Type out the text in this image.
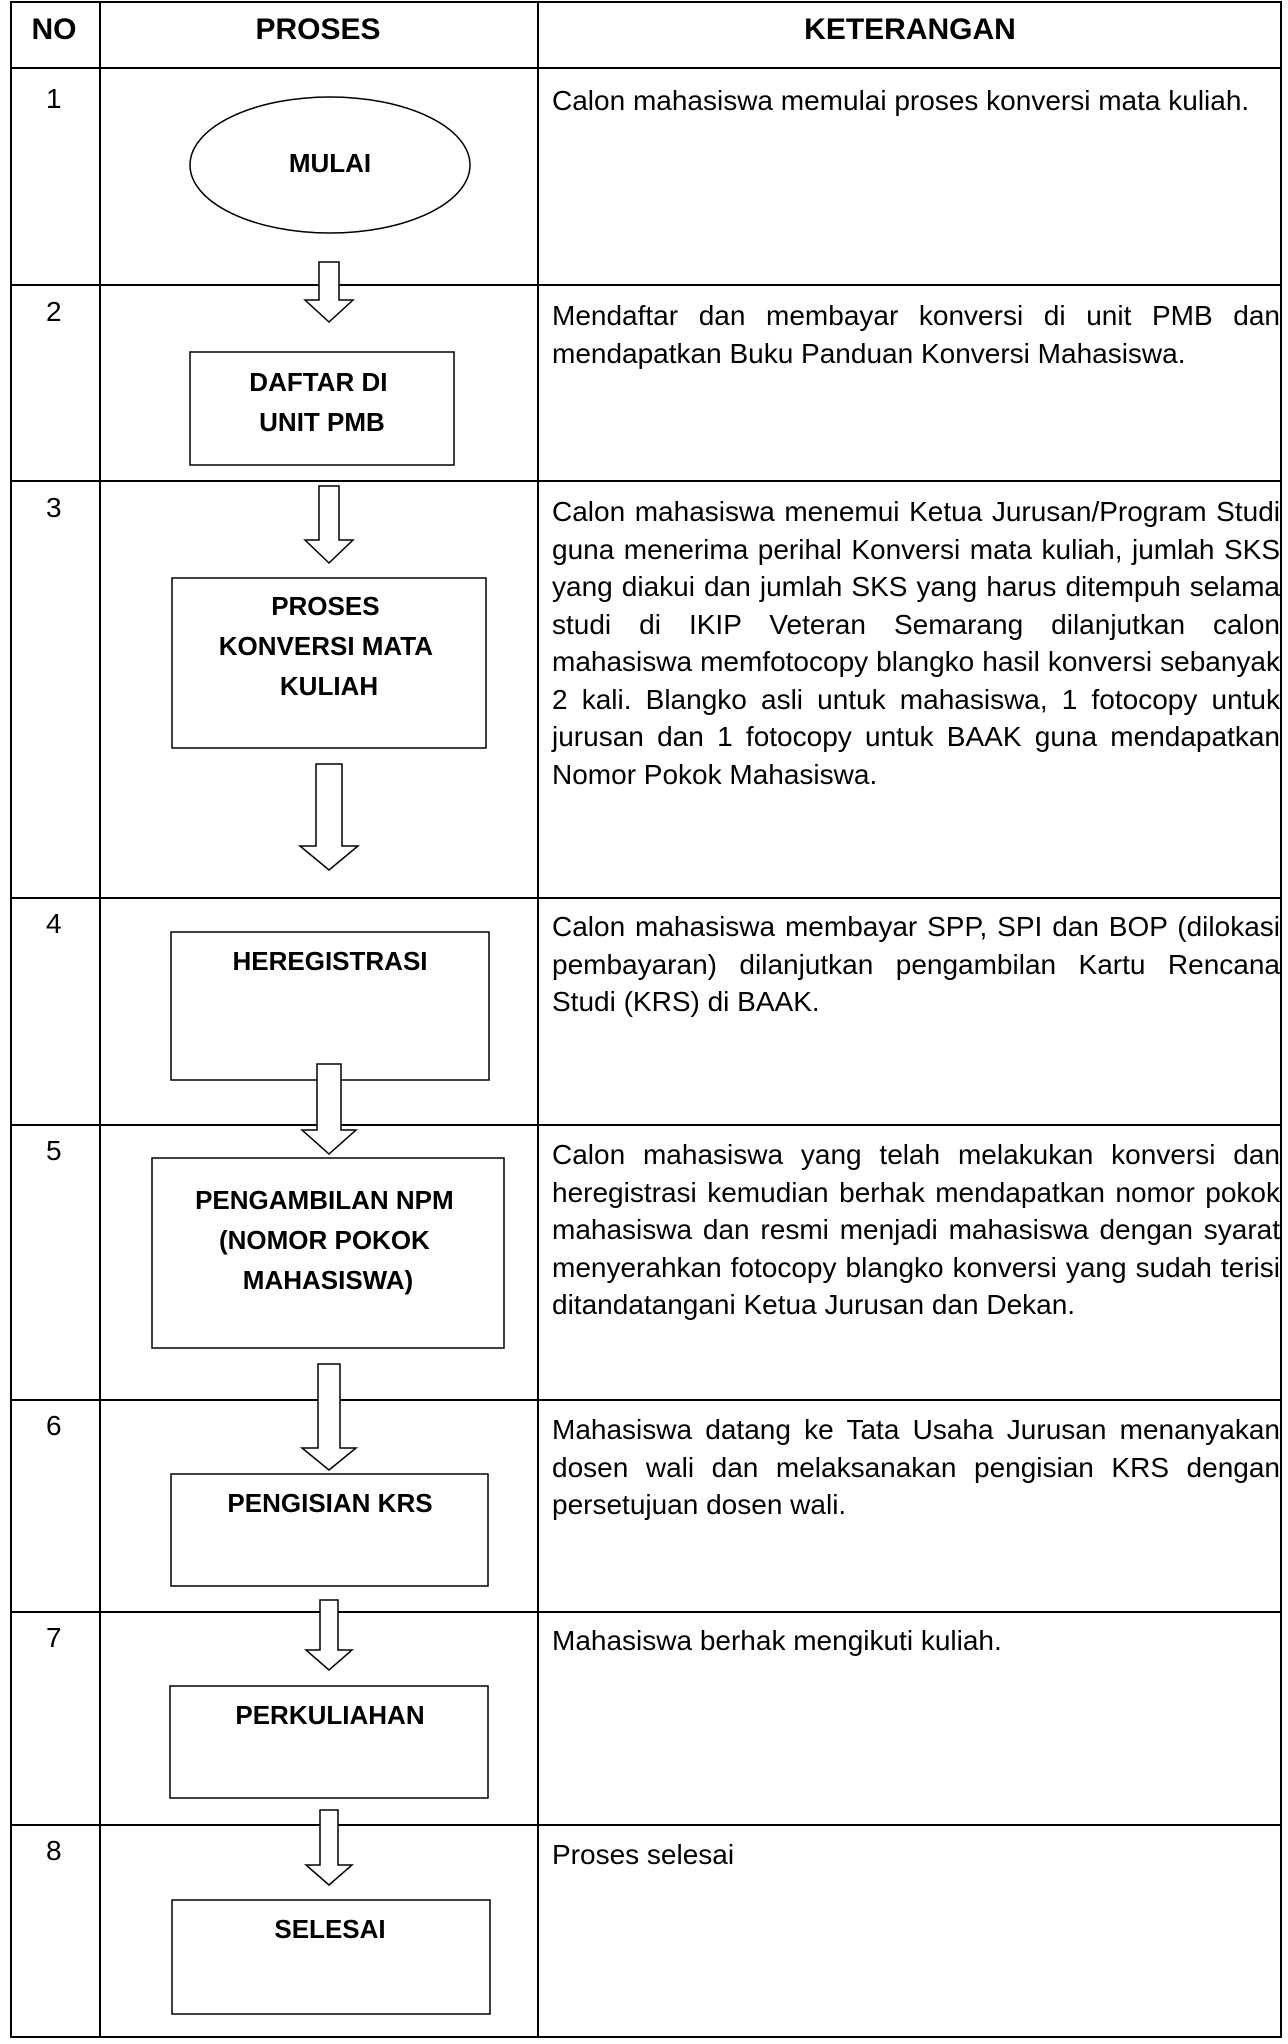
NO	PROSES	KETERANGAN
1
2
3
4
5
6
7
8
MULAI
DAFTAR DI UNIT PMB
PROSES KONVERSI MATA KULIAH
HEREGISTRASI
PENGAMBILAN NPM (NOMOR POKOK MAHASISWA)
PENGISIAN KRS
PERKULIAHAN
SELESAI

Calon mahasiswa memulai proses konversi mata kuliah.

Mendaftar dan membayar konversi di unit PMB dan mendapatkan Buku Panduan Konversi Mahasiswa.

Calon mahasiswa menemui Ketua Jurusan/Program Studi guna menerima perihal Konversi mata kuliah, jumlah SKS yang diakui dan jumlah SKS yang harus ditempuh selama studi di IKIP Veteran Semarang dilanjutkan calon mahasiswa memfotocopy blangko hasil konversi sebanyak 2 kali. Blangko asli untuk mahasiswa, 1 fotocopy untuk jurusan dan 1 fotocopy untuk BAAK guna mendapatkan Nomor Pokok Mahasiswa.

Calon mahasiswa membayar SPP, SPI dan BOP (dilokasi pembayaran) dilanjutkan pengambilan Kartu Rencana Studi (KRS) di BAAK.

Calon mahasiswa yang telah melakukan konversi dan heregistrasi kemudian berhak mendapatkan nomor pokok mahasiswa dan resmi menjadi mahasiswa dengan syarat menyerahkan fotocopy blangko konversi yang sudah terisi ditandatangani Ketua Jurusan dan Dekan.

Mahasiswa datang ke Tata Usaha Jurusan menanyakan dosen wali dan melaksanakan pengisian KRS dengan persetujuan dosen wali.

Mahasiswa berhak mengikuti kuliah.

Proses selesai
